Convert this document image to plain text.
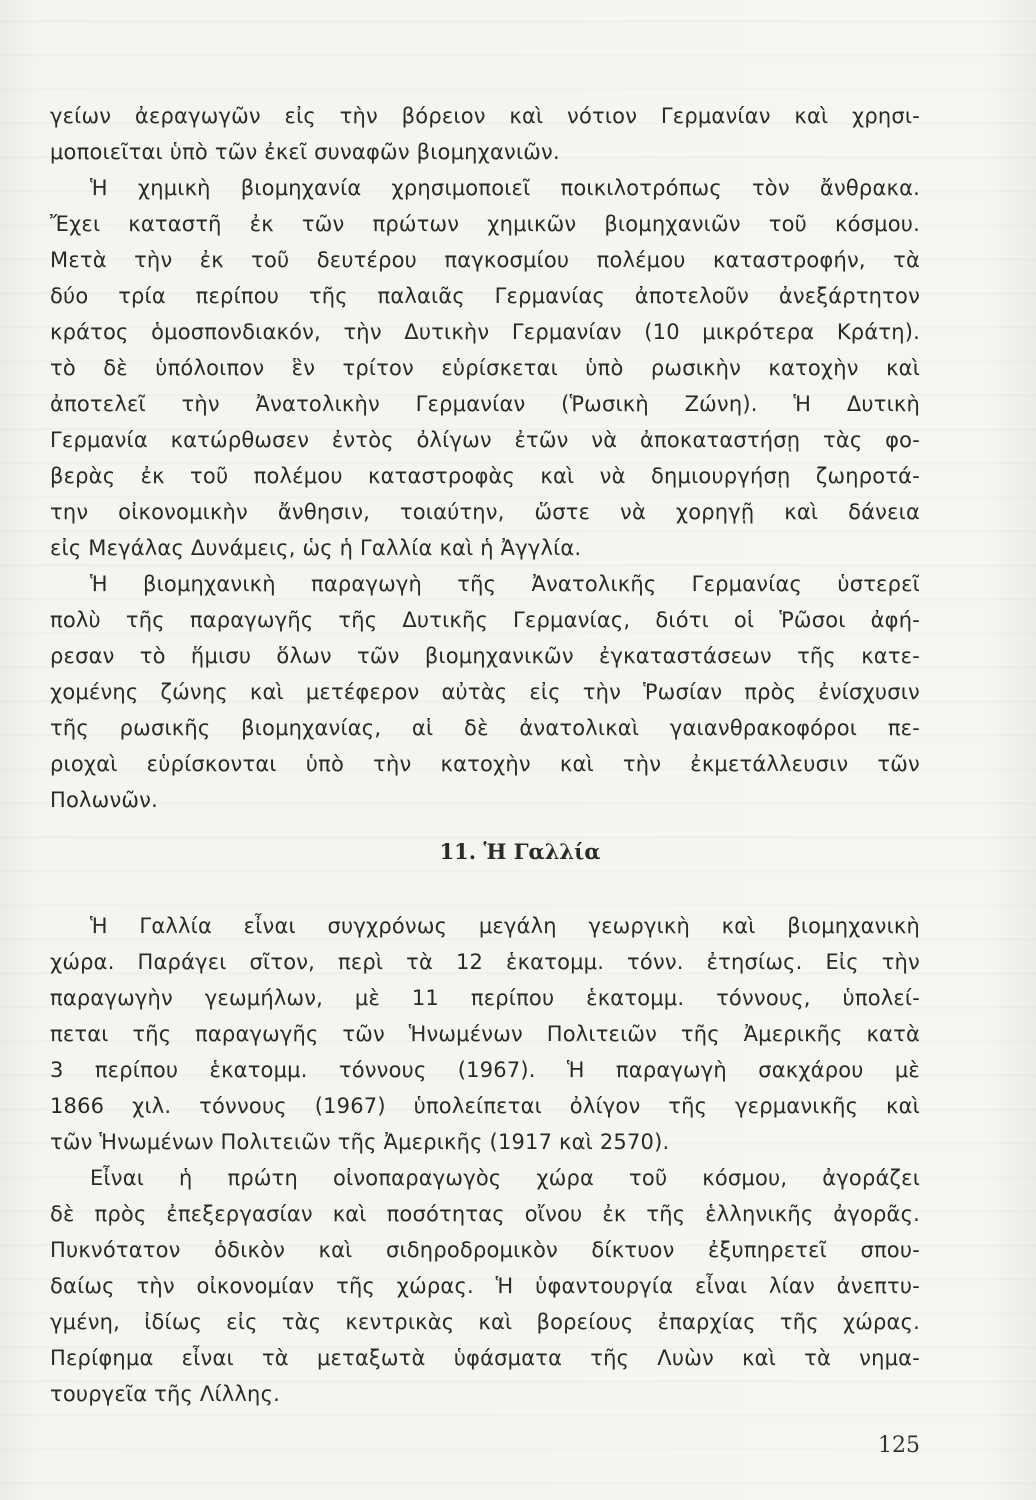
γείων ἀεραγωγῶν εἰς τὴν βόρειον καὶ νότιον Γερμανίαν καὶ χρησι-
μοποιεῖται ὑπὸ τῶν ἐκεῖ συναφῶν βιομηχανιῶν.
Ἡ χημικὴ βιομηχανία χρησιμοποιεῖ ποικιλοτρόπως τὸν ἄνθρακα.
Ἔχει καταστῆ ἐκ τῶν πρώτων χημικῶν βιομηχανιῶν τοῦ κόσμου.
Μετὰ τὴν ἐκ τοῦ δευτέρου παγκοσμίου πολέμου καταστροφήν, τὰ
δύο τρία περίπου τῆς παλαιᾶς Γερμανίας ἀποτελοῦν ἀνεξάρτητον
κράτος ὁμοσπονδιακόν, τὴν Δυτικὴν Γερμανίαν (10 μικρότερα Κράτη).
τὸ δὲ ὑπόλοιπον ἓν τρίτον εὑρίσκεται ὑπὸ ρωσικὴν κατοχὴν καὶ
ἀποτελεῖ τὴν Ἀνατολικὴν Γερμανίαν (Ῥωσικὴ Ζώνη). Ἡ Δυτικὴ
Γερμανία κατώρθωσεν ἐντὸς ὀλίγων ἐτῶν νὰ ἀποκαταστήσῃ τὰς φο-
βερὰς ἐκ τοῦ πολέμου καταστροφὰς καὶ νὰ δημιουργήσῃ ζωηροτά-
την οἰκονομικὴν ἄνθησιν, τοιαύτην, ὥστε νὰ χορηγῇ καὶ δάνεια
εἰς Μεγάλας Δυνάμεις, ὡς ἡ Γαλλία καὶ ἡ Ἀγγλία.
Ἡ βιομηχανικὴ παραγωγὴ τῆς Ἀνατολικῆς Γερμανίας ὑστερεῖ
πολὺ τῆς παραγωγῆς τῆς Δυτικῆς Γερμανίας, διότι οἱ Ῥῶσοι ἀφή-
ρεσαν τὸ ἥμισυ ὅλων τῶν βιομηχανικῶν ἐγκαταστάσεων τῆς κατε-
χομένης ζώνης καὶ μετέφερον αὐτὰς εἰς τὴν Ῥωσίαν πρὸς ἐνίσχυσιν
τῆς ρωσικῆς βιομηχανίας, αἱ δὲ ἀνατολικαὶ γαιανθρακοφόροι πε-
ριοχαὶ εὑρίσκονται ὑπὸ τὴν κατοχὴν καὶ τὴν ἐκμετάλλευσιν τῶν
Πολωνῶν.
11. Ἡ Γαλλία
Ἡ Γαλλία εἶναι συγχρόνως μεγάλη γεωργικὴ καὶ βιομηχανικὴ
χώρα. Παράγει σῖτον, περὶ τὰ 12 ἑκατομμ. τόνν. ἐτησίως. Εἰς τὴν
παραγωγὴν γεωμήλων, μὲ 11 περίπου ἑκατομμ. τόννους, ὑπολεί-
πεται τῆς παραγωγῆς τῶν Ἡνωμένων Πολιτειῶν τῆς Ἀμερικῆς κατὰ
3 περίπου ἑκατομμ. τόννους (1967). Ἡ παραγωγὴ σακχάρου μὲ
1866 χιλ. τόννους (1967) ὑπολείπεται ὀλίγον τῆς γερμανικῆς καὶ
τῶν Ἡνωμένων Πολιτειῶν τῆς Ἀμερικῆς (1917 καὶ 2570).
Εἶναι ἡ πρώτη οἰνοπαραγωγὸς χώρα τοῦ κόσμου, ἀγοράζει
δὲ πρὸς ἐπεξεργασίαν καὶ ποσότητας οἴνου ἐκ τῆς ἑλληνικῆς ἀγορᾶς.
Πυκνότατον ὁδικὸν καὶ σιδηροδρομικὸν δίκτυον ἐξυπηρετεῖ σπου-
δαίως τὴν οἰκονομίαν τῆς χώρας. Ἡ ὑφαντουργία εἶναι λίαν ἀνεπτυ-
γμένη, ἰδίως εἰς τὰς κεντρικὰς καὶ βορείους ἐπαρχίας τῆς χώρας.
Περίφημα εἶναι τὰ μεταξωτὰ ὑφάσματα τῆς Λυὼν καὶ τὰ νημα-
τουργεῖα τῆς Λίλλης.
125
